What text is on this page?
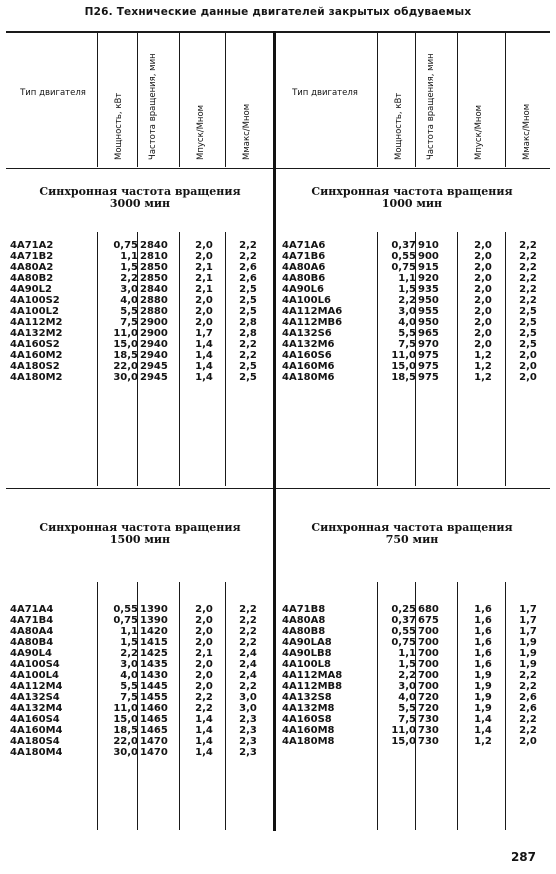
П26. Технические данные двигателей закрытых обдуваемых
Тип двигателя	Мощность, кВт	Частота вращения, мин	Мпуск/Мном	Ммакс/Мном
Тип двигателя	Мощность, кВт	Частота вращения, мин	Мпуск/Мном	Ммакс/Мном
Синхронная частота вращения
3000 мин
4A71A2	0,75 2840	2,0	2,2
4A71B2	1,1 2810	2,0	2,2
4A80A2	1,5 2850	2,1	2,6
4A80B2	2,2 2850	2,1	2,6
4A90L2	3,0 2840	2,1	2,5
4A100S2	4,0 2880	2,0	2,5
4A100L2	5,5 2880	2,0	2,5
4A112M2	7,5 2900	2,0	2,8
4A132M2	11,0 2900	1,7	2,8
4A160S2	15,0 2940	1,4	2,2
4A160M2	18,5 2940	1,4	2,2
4A180S2	22,0 2945	1,4	2,5
4A180M2	30,0 2945	1,4	2,5
Синхронная частота вращения
1000 мин
4A71A6	0,37 910	2,0	2,2
4A71B6	0,55 900	2,0	2,2
4A80A6	0,75 915	2,0	2,2
4A80B6	1,1 920	2,0	2,2
4A90L6	1,5 935	2,0	2,2
4A100L6	2,2 950	2,0	2,2
4A112MA6	3,0 955	2,0	2,5
4A112MB6	4,0 950	2,0	2,5
4A132S6	5,5 965	2,0	2,5
4A132M6	7,5 970	2,0	2,5
4A160S6	11,0 975	1,2	2,0
4A160M6	15,0 975	1,2	2,0
4A180M6	18,5 975	1,2	2,0
Синхронная частота вращения
1500 мин
4A71A4	0,55 1390	2,0	2,2
4A71B4	0,75 1390	2,0	2,2
4A80A4	1,1 1420	2,0	2,2
4A80B4	1,5 1415	2,0	2,2
4A90L4	2,2 1425	2,1	2,4
4A100S4	3,0 1435	2,0	2,4
4A100L4	4,0 1430	2,0	2,4
4A112M4	5,5 1445	2,0	2,2
4A132S4	7,5 1455	2,2	3,0
4A132M4	11,0 1460	2,2	3,0
4A160S4	15,0 1465	1,4	2,3
4A160M4	18,5 1465	1,4	2,3
4A180S4	22,0 1470	1,4	2,3
4A180M4	30,0 1470	1,4	2,3
Синхронная частота вращения
750 мин
4A71B8	0,25 680	1,6	1,7
4A80A8	0,37 675	1,6	1,7
4A80B8	0,55 700	1,6	1,7
4A90LA8	0,75 700	1,6	1,9
4A90LB8	1,1 700	1,6	1,9
4A100L8	1,5 700	1,6	1,9
4A112MA8	2,2 700	1,9	2,2
4A112MB8	3,0 700	1,9	2,2
4A132S8	4,0 720	1,9	2,6
4A132M8	5,5 720	1,9	2,6
4A160S8	7,5 730	1,4	2,2
4A160M8	11,0 730	1,4	2,2
4A180M8	15,0 730	1,2	2,0
287
